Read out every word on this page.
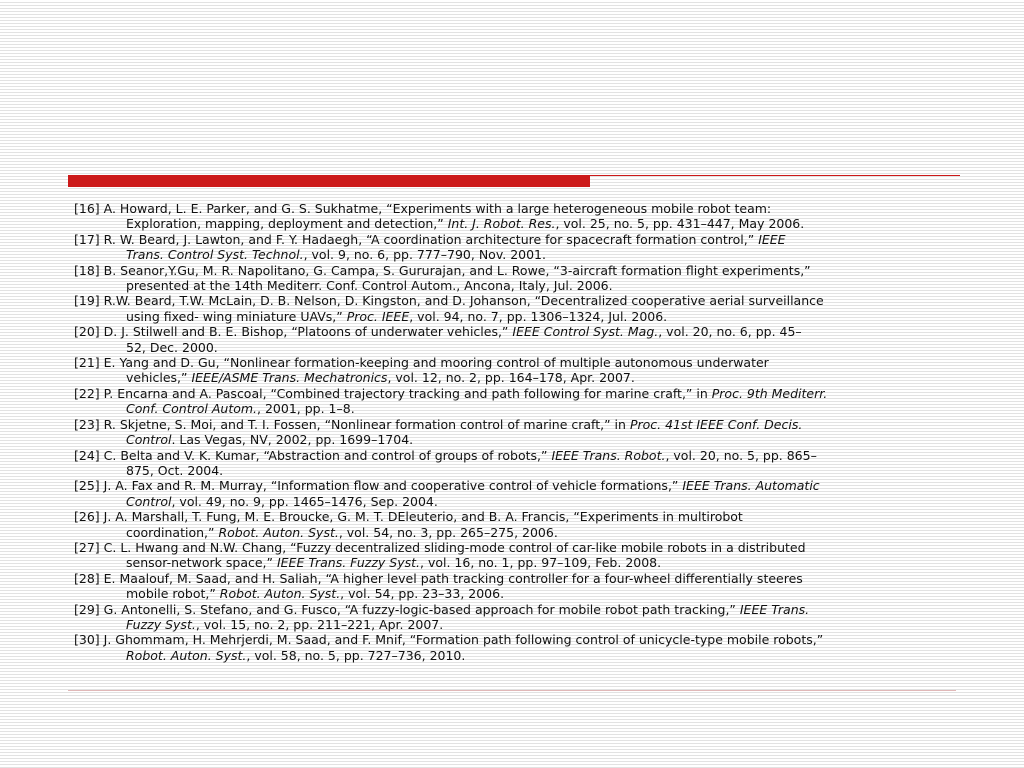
[16] A. Howard, L. E. Parker, and G. S. Sukhatme, “Experiments with a large heterogeneous mobile robot team:
Exploration, mapping, deployment and detection,” Int. J. Robot. Res., vol. 25, no. 5, pp. 431–447, May 2006.
[17] R. W. Beard, J. Lawton, and F. Y. Hadaegh, “A coordination architecture for spacecraft formation control,” IEEE
Trans. Control Syst. Technol., vol. 9, no. 6, pp. 777–790, Nov. 2001.
[18] B. Seanor,Y.Gu, M. R. Napolitano, G. Campa, S. Gururajan, and L. Rowe, “3-aircraft formation flight experiments,”
presented at the 14th Mediterr. Conf. Control Autom., Ancona, Italy, Jul. 2006.
[19] R.W. Beard, T.W. McLain, D. B. Nelson, D. Kingston, and D. Johanson, “Decentralized cooperative aerial surveillance
using fixed- wing miniature UAVs,” Proc. IEEE, vol. 94, no. 7, pp. 1306–1324, Jul. 2006.
[20] D. J. Stilwell and B. E. Bishop, “Platoons of underwater vehicles,” IEEE Control Syst. Mag., vol. 20, no. 6, pp. 45–
52, Dec. 2000.
[21] E. Yang and D. Gu, “Nonlinear formation-keeping and mooring control of multiple autonomous underwater
vehicles,” IEEE/ASME Trans. Mechatronics, vol. 12, no. 2, pp. 164–178, Apr. 2007.
[22] P. Encarna and A. Pascoal, “Combined trajectory tracking and path following for marine craft,” in Proc. 9th Mediterr.
Conf. Control Autom., 2001, pp. 1–8.
[23] R. Skjetne, S. Moi, and T. I. Fossen, “Nonlinear formation control of marine craft,” in Proc. 41st IEEE Conf. Decis.
Control. Las Vegas, NV, 2002, pp. 1699–1704.
[24] C. Belta and V. K. Kumar, “Abstraction and control of groups of robots,” IEEE Trans. Robot., vol. 20, no. 5, pp. 865–
875, Oct. 2004.
[25] J. A. Fax and R. M. Murray, “Information flow and cooperative control of vehicle formations,” IEEE Trans. Automatic
Control, vol. 49, no. 9, pp. 1465–1476, Sep. 2004.
[26] J. A. Marshall, T. Fung, M. E. Broucke, G. M. T. DEleuterio, and B. A. Francis, “Experiments in multirobot
coordination,” Robot. Auton. Syst., vol. 54, no. 3, pp. 265–275, 2006.
[27] C. L. Hwang and N.W. Chang, “Fuzzy decentralized sliding-mode control of car-like mobile robots in a distributed
sensor-network space,” IEEE Trans. Fuzzy Syst., vol. 16, no. 1, pp. 97–109, Feb. 2008.
[28] E. Maalouf, M. Saad, and H. Saliah, “A higher level path tracking controller for a four-wheel differentially steeres
mobile robot,” Robot. Auton. Syst., vol. 54, pp. 23–33, 2006.
[29] G. Antonelli, S. Stefano, and G. Fusco, “A fuzzy-logic-based approach for mobile robot path tracking,” IEEE Trans.
Fuzzy Syst., vol. 15, no. 2, pp. 211–221, Apr. 2007.
[30] J. Ghommam, H. Mehrjerdi, M. Saad, and F. Mnif, “Formation path following control of unicycle-type mobile robots,”
Robot. Auton. Syst., vol. 58, no. 5, pp. 727–736, 2010.
